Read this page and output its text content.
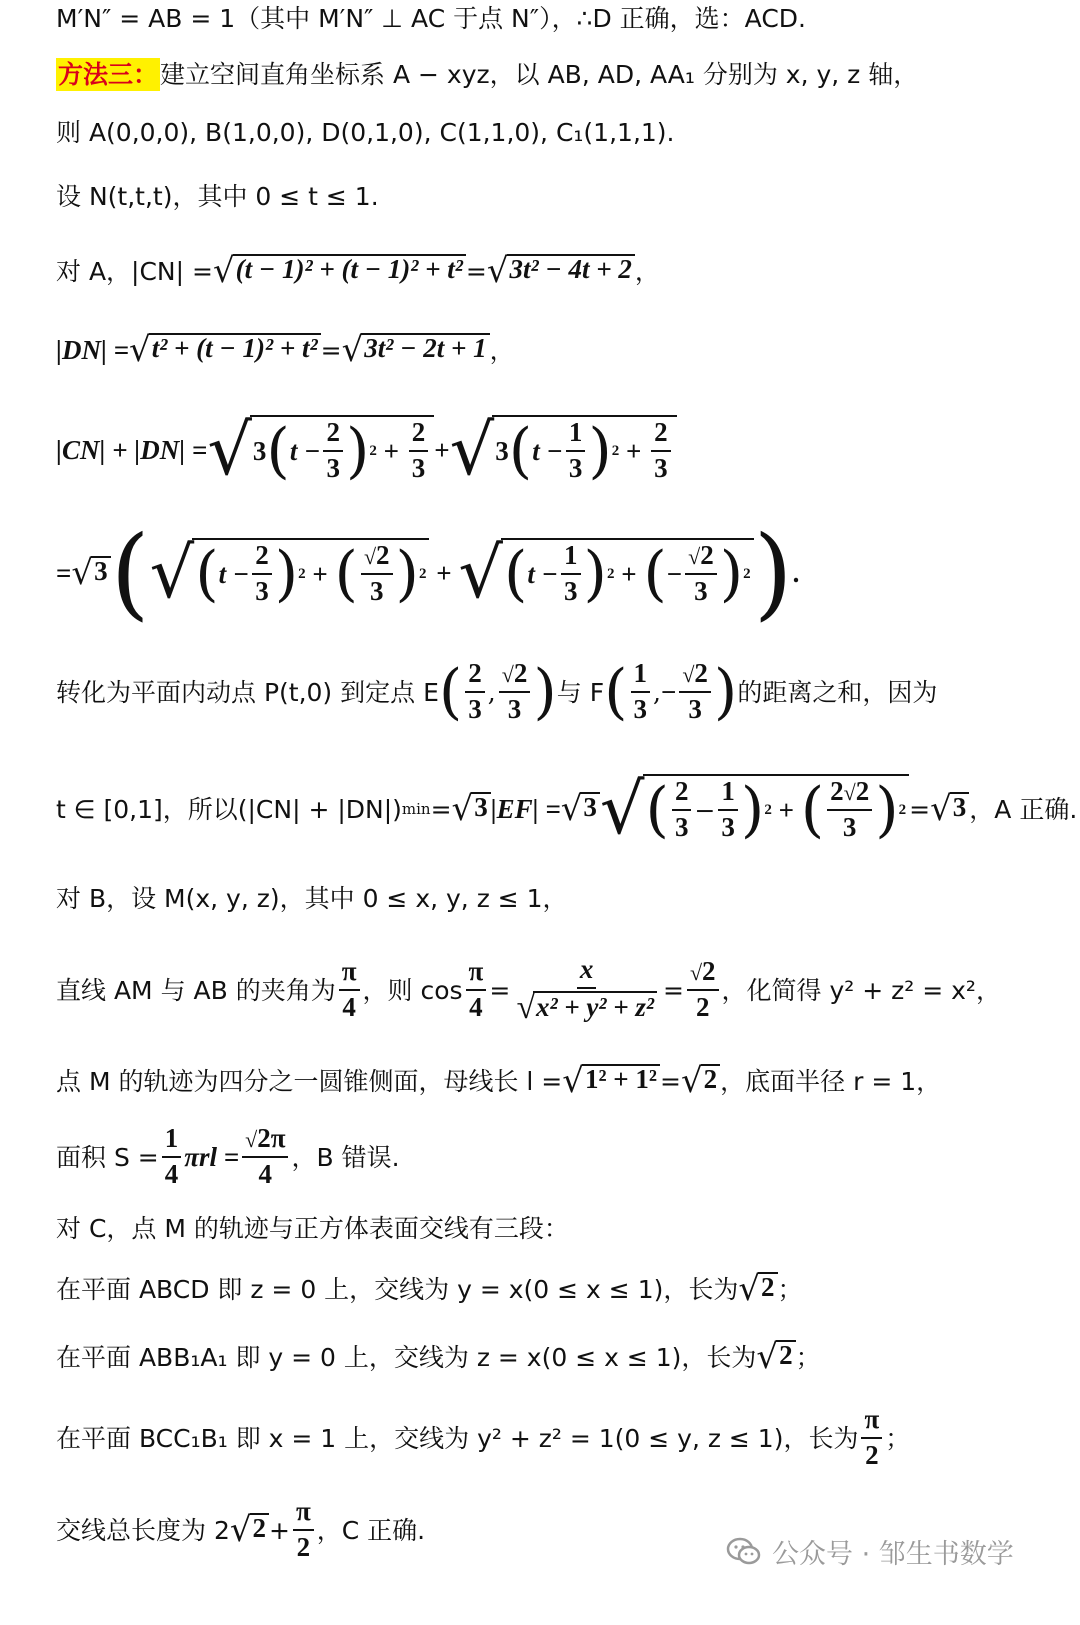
M′N″ = AB = 1（其中 M′N″ ⊥ AC 于点 N″），∴D 正确，选：ACD.
方法三： 建立空间直角坐标系 A − xyz，以 AB, AD, AA₁ 分别为 x, y, z 轴，
则 A(0,0,0), B(1,0,0), D(0,1,0), C(1,1,0), C₁(1,1,1).
设 N(t,t,t)，其中 0 ≤ t ≤ 1.
对 A，|CN| = √ (t − 1)² + (t − 1)² + t² = √ 3t² − 4t + 2 ，
|DN| = √ t² + (t − 1)² + t² = √ 3t² − 2t + 1 ，
|CN| + |DN| = √ 3 ( $t - \frac{2}{3}$ ) $2 + \frac{2}{3}$ + √ 3 ( $t - \frac{1}{3}$ ) $2 + \frac{2}{3}$
= √ 3 ( √ ( $t - \frac{2}{3}$ ) 2 + ( $\frac{√2}{3}$ ) 2 + √ ( $t - \frac{1}{3}$ ) 2 + ( − $\frac{√2}{3}$ ) 2 ) .
转化为平面内动点 P(t,0) 到定点 E ( $\frac{2}{3}$ , $\frac{√2}{3}$ ) 与 F ( $\frac{1}{3}$ , − $\frac{√2}{3}$ ) 的距离之和，因为
t ∈ [0,1]，所以(|CN| + |DN|) min = √ 3 |EF| = √ 3 √ ( $\frac{2}{3} - \frac{1}{3}$ ) 2 + ( $\frac{2√2}{3}$ ) 2 = √ 3 ，A 正确.
对 B，设 M(x, y, z)，其中 0 ≤ x, y, z ≤ 1，
直线 AM 与 AB 的夹角为 $\frac{\pi}{4}$ ，则 $\cos \frac{\pi}{4} = \frac{x}{\text{√ x² + y² + z²}} = \frac{√2}{2}$ ，化简得 y² + z² = x²，
点 M 的轨迹为四分之一圆锥侧面，母线长 l = √ 1² + 1² = √ 2 ，底面半径 r = 1，
面积 $S = \frac{1}{4}$ $\pi rl = \frac{√2\pi}{4}$ ，B 错误.
对 C，点 M 的轨迹与正方体表面交线有三段：
在平面 ABCD 即 z = 0 上，交线为 y = x(0 ≤ x ≤ 1)，长为 √ 2 ；
在平面 ABB₁A₁ 即 y = 0 上，交线为 z = x(0 ≤ x ≤ 1)，长为 √ 2 ；
在平面 BCC₁B₁ 即 x = 1 上，交线为 y² + z² = 1(0 ≤ y, z ≤ 1)，长为 $\frac{\pi}{2}$ ；
交线总长度为 2 √ $2 + \frac{\pi}{2}$ ，C 正确.
公众号 · 邹生书数学
